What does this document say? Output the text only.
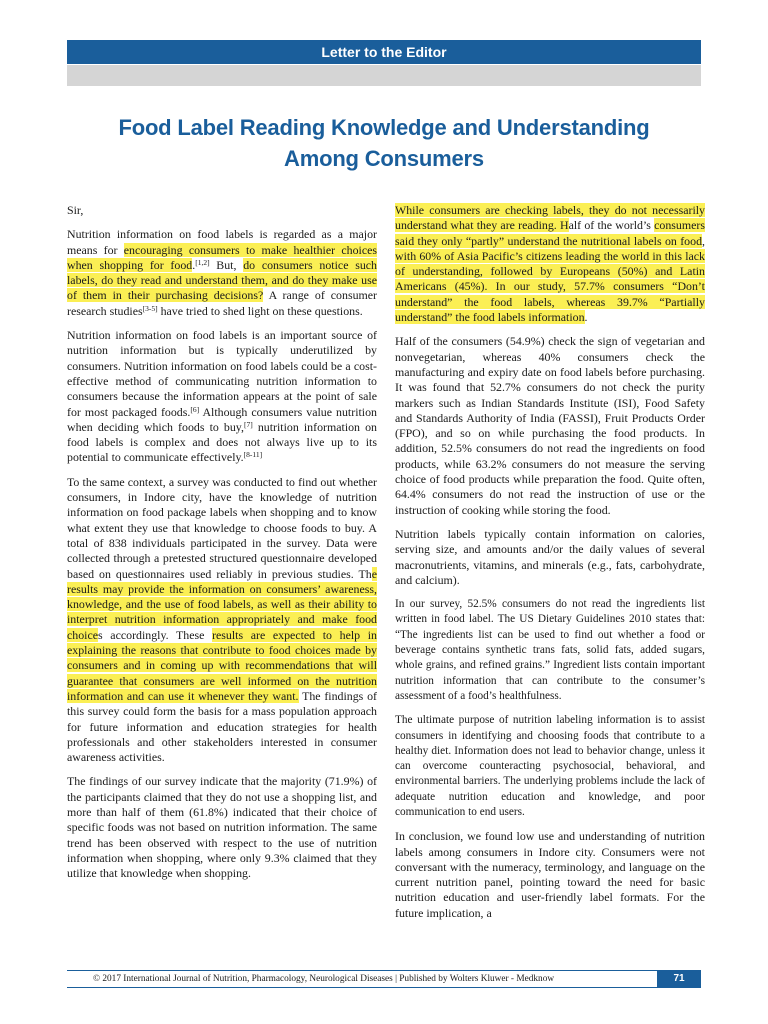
Letter to the Editor
Food Label Reading Knowledge and Understanding
Among Consumers

Sir,

Nutrition information on food labels is regarded as a major means for encouraging consumers to make healthier choices when shopping for food.[1,2] But, do consumers notice such labels, do they read and understand them, and do they make use of them in their purchasing decisions? A range of consumer research studies[3-5] have tried to shed light on these questions.

Nutrition information on food labels is an important source of nutrition information but is typically underutilized by consumers. Nutrition information on food labels could be a cost-effective method of communicating nutrition information to consumers because the information appears at the point of sale for most packaged foods.[6] Although consumers value nutrition when deciding which foods to buy,[7] nutrition information on food labels is complex and does not always live up to its potential to communicate effectively.[8-11]

To the same context, a survey was conducted to find out whether consumers, in Indore city, have the knowledge of nutrition information on food package labels when shopping and to know what extent they use that knowledge to choose foods to buy. A total of 838 individuals participated in the survey. Data were collected through a pretested structured questionnaire developed based on questionnaires used reliably in previous studies. The results may provide the information on consumers’ awareness, knowledge, and the use of food labels, as well as their ability to interpret nutrition information appropriately and make food choices accordingly. These results are expected to help in explaining the reasons that contribute to food choices made by consumers and in coming up with recommendations that will guarantee that consumers are well informed on the nutrition information and can use it whenever they want. The findings of this survey could form the basis for a mass population approach for future information and education strategies for health professionals and other stakeholders interested in consumer awareness activities.

The findings of our survey indicate that the majority (71.9%) of the participants claimed that they do not use a shopping list, and more than half of them (61.8%) indicated that their choice of specific foods was not based on nutrition information. The same trend has been observed with respect to the use of nutrition information when shopping, where only 9.3% claimed that they utilize that knowledge when shopping.

While consumers are checking labels, they do not necessarily understand what they are reading. Half of the world’s consumers said they only “partly” understand the nutritional labels on food, with 60% of Asia Pacific’s citizens leading the world in this lack of understanding, followed by Europeans (50%) and Latin Americans (45%). In our study, 57.7% consumers “Don’t understand” the food labels, whereas 39.7% “Partially understand” the food labels information.

Half of the consumers (54.9%) check the sign of vegetarian and nonvegetarian, whereas 40% consumers check the manufacturing and expiry date on food labels before purchasing. It was found that 52.7% consumers do not check the purity markers such as Indian Standards Institute (ISI), Food Safety and Standards Authority of India (FASSI), Fruit Products Order (FPO), and so on while purchasing the food products. In addition, 52.5% consumers do not read the ingredients on food products, while 63.2% consumers do not measure the serving choice of food products while preparation the food. Quite often, 64.4% consumers do not read the instruction of use or the instruction of cooking while storing the food.

Nutrition labels typically contain information on calories, serving size, and amounts and/or the daily values of several macronutrients, vitamins, and minerals (e.g., fats, carbohydrate, and calcium).

In our survey, 52.5% consumers do not read the ingredients list written in food label. The US Dietary Guidelines 2010 states that: “The ingredients list can be used to find out whether a food or beverage contains synthetic trans fats, solid fats, added sugars, whole grains, and refined grains.” Ingredient lists contain important nutrition information that can contribute to the consumer’s assessment of a food’s healthfulness.

The ultimate purpose of nutrition labeling information is to assist consumers in identifying and choosing foods that contribute to a healthy diet. Information does not lead to behavior change, unless it can overcome counteracting psychosocial, behavioral, and environmental barriers. The underlying problems include the lack of adequate nutrition education and knowledge, and poor communication to end users.

In conclusion, we found low use and understanding of nutrition labels among consumers in Indore city. Consumers were not conversant with the numeracy, terminology, and language on the current nutrition panel, pointing toward the need for basic nutrition education and user-friendly label formats. For the future implication, a

© 2017 International Journal of Nutrition, Pharmacology, Neurological Diseases | Published by Wolters Kluwer - Medknow	71
